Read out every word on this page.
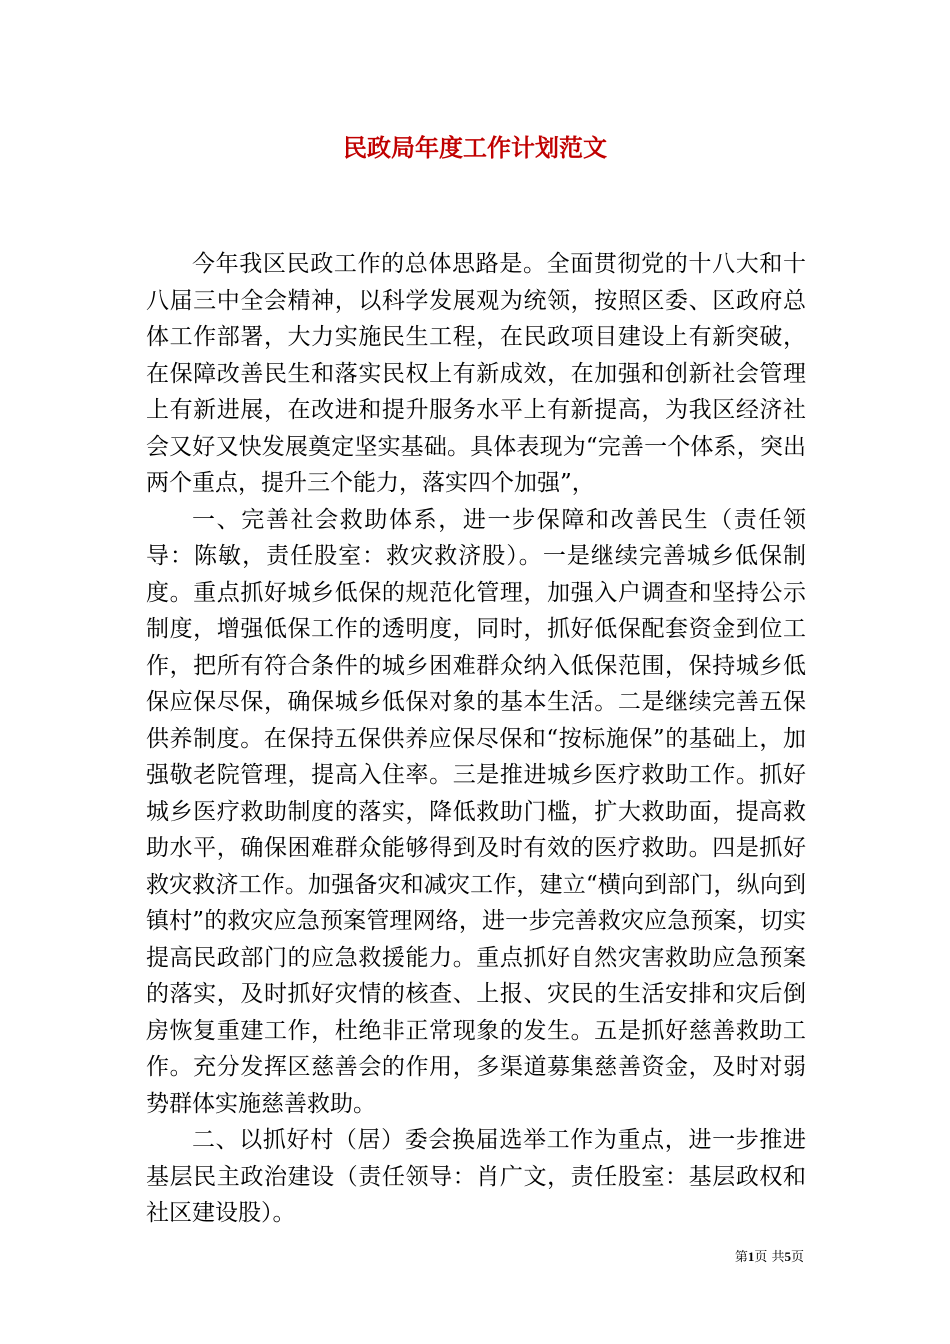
民政局年度工作计划范文

今年我区民政工作的总体思路是。全面贯彻党的十八大和十八届三中全会精神，以科学发展观为统领，按照区委、区政府总体工作部署，大力实施民生工程，在民政项目建设上有新突破，在保障改善民生和落实民权上有新成效，在加强和创新社会管理上有新进展，在改进和提升服务水平上有新提高，为我区经济社会又好又快发展奠定坚实基础。具体表现为“完善一个体系，突出两个重点，提升三个能力，落实四个加强”，

一、完善社会救助体系，进一步保障和改善民生（责任领导：陈敏，责任股室：救灾救济股）。一是继续完善城乡低保制度。重点抓好城乡低保的规范化管理，加强入户调查和坚持公示制度，增强低保工作的透明度，同时，抓好低保配套资金到位工作，把所有符合条件的城乡困难群众纳入低保范围，保持城乡低保应保尽保，确保城乡低保对象的基本生活。二是继续完善五保供养制度。在保持五保供养应保尽保和“按标施保”的基础上，加强敬老院管理，提高入住率。三是推进城乡医疗救助工作。抓好城乡医疗救助制度的落实，降低救助门槛，扩大救助面，提高救助水平，确保困难群众能够得到及时有效的医疗救助。四是抓好救灾救济工作。加强备灾和减灾工作，建立“横向到部门，纵向到镇村”的救灾应急预案管理网络，进一步完善救灾应急预案，切实提高民政部门的应急救援能力。重点抓好自然灾害救助应急预案的落实，及时抓好灾情的核查、上报、灾民的生活安排和灾后倒房恢复重建工作，杜绝非正常现象的发生。五是抓好慈善救助工作。充分发挥区慈善会的作用，多渠道募集慈善资金，及时对弱势群体实施慈善救助。

二、以抓好村（居）委会换届选举工作为重点，进一步推进基层民主政治建设（责任领导：肖广文，责任股室：基层政权和社区建设股）。

第1页 共5页
